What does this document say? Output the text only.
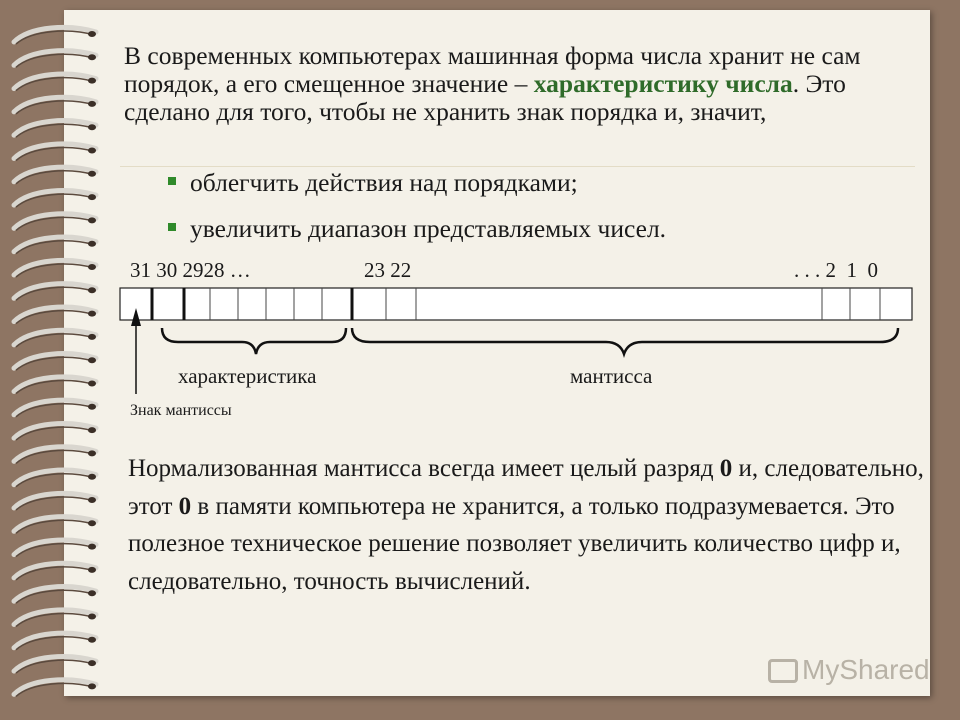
В современных компьютерах машинная форма числа хранит не сам порядок, а его смещенное значение – характеристику числа. Это сделано для того, чтобы не хранить знак порядка и, значит,
облегчить действия над порядками;
увеличить диапазон представляемых чисел.
31 30 2928 …	23 22	. . . 2  1  0
характеристика	мантисса
Знак мантиссы
Нормализованная мантисса всегда имеет целый разряд 0 и, следовательно, этот 0 в памяти компьютера не хранится, а только подразумевается. Это полезное техническое решение позволяет увеличить количество цифр и, следовательно, точность вычислений.
MyShared
